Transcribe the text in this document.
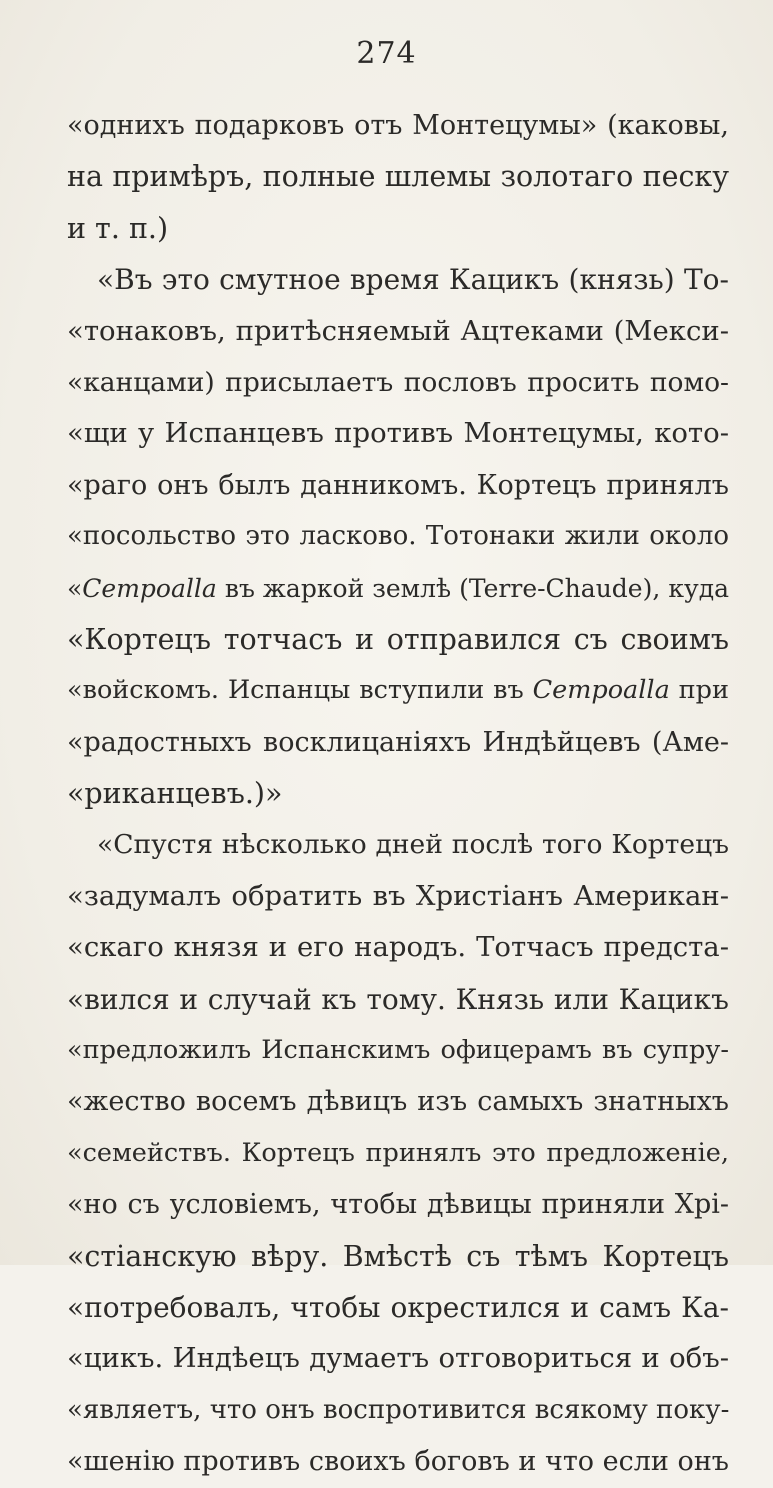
274
«однихъ подарковъ отъ Монтецумы» (каковы,
на примѣръ, полные шлемы золотаго песку
и т. п.)
«Въ это смутное время Кацикъ (князь) То-
«тонаковъ, притѣсняемый Ацтеками (Мекси-
«канцами) присылаетъ пословъ просить помо-
«щи у Испанцевъ противъ Монтецумы, кото-
«раго онъ былъ данникомъ. Кортецъ принялъ
«посольство это ласково. Тотонаки жили около
«Cempoalla въ жаркой землѣ (Terre-Chaude), куда
«Кортецъ тотчасъ и отправился съ своимъ
«войскомъ. Испанцы вступили въ Cempoalla при
«радостныхъ восклицаніяхъ Индѣйцевъ (Аме-
«риканцевъ.)»
«Спустя нѣсколько дней послѣ того Кортецъ
«задумалъ обратить въ Христіанъ Американ-
«скаго князя и его народъ. Тотчасъ предста-
«вился и случай къ тому. Князь или Кацикъ
«предложилъ Испанскимъ офицерамъ въ супру-
«жество восемъ дѣвицъ изъ самыхъ знатныхъ
«семействъ. Кортецъ принялъ это предложеніе,
«но съ условіемъ, чтобы дѣвицы приняли Хрі-
«стіанскую вѣру. Вмѣстѣ съ тѣмъ Кортецъ
«потребовалъ, чтобы окрестился и самъ Ка-
«цикъ. Индѣецъ думаетъ отговориться и объ-
«являетъ, что онъ воспротивится всякому поку-
«шенію противъ своихъ боговъ и что если онъ
